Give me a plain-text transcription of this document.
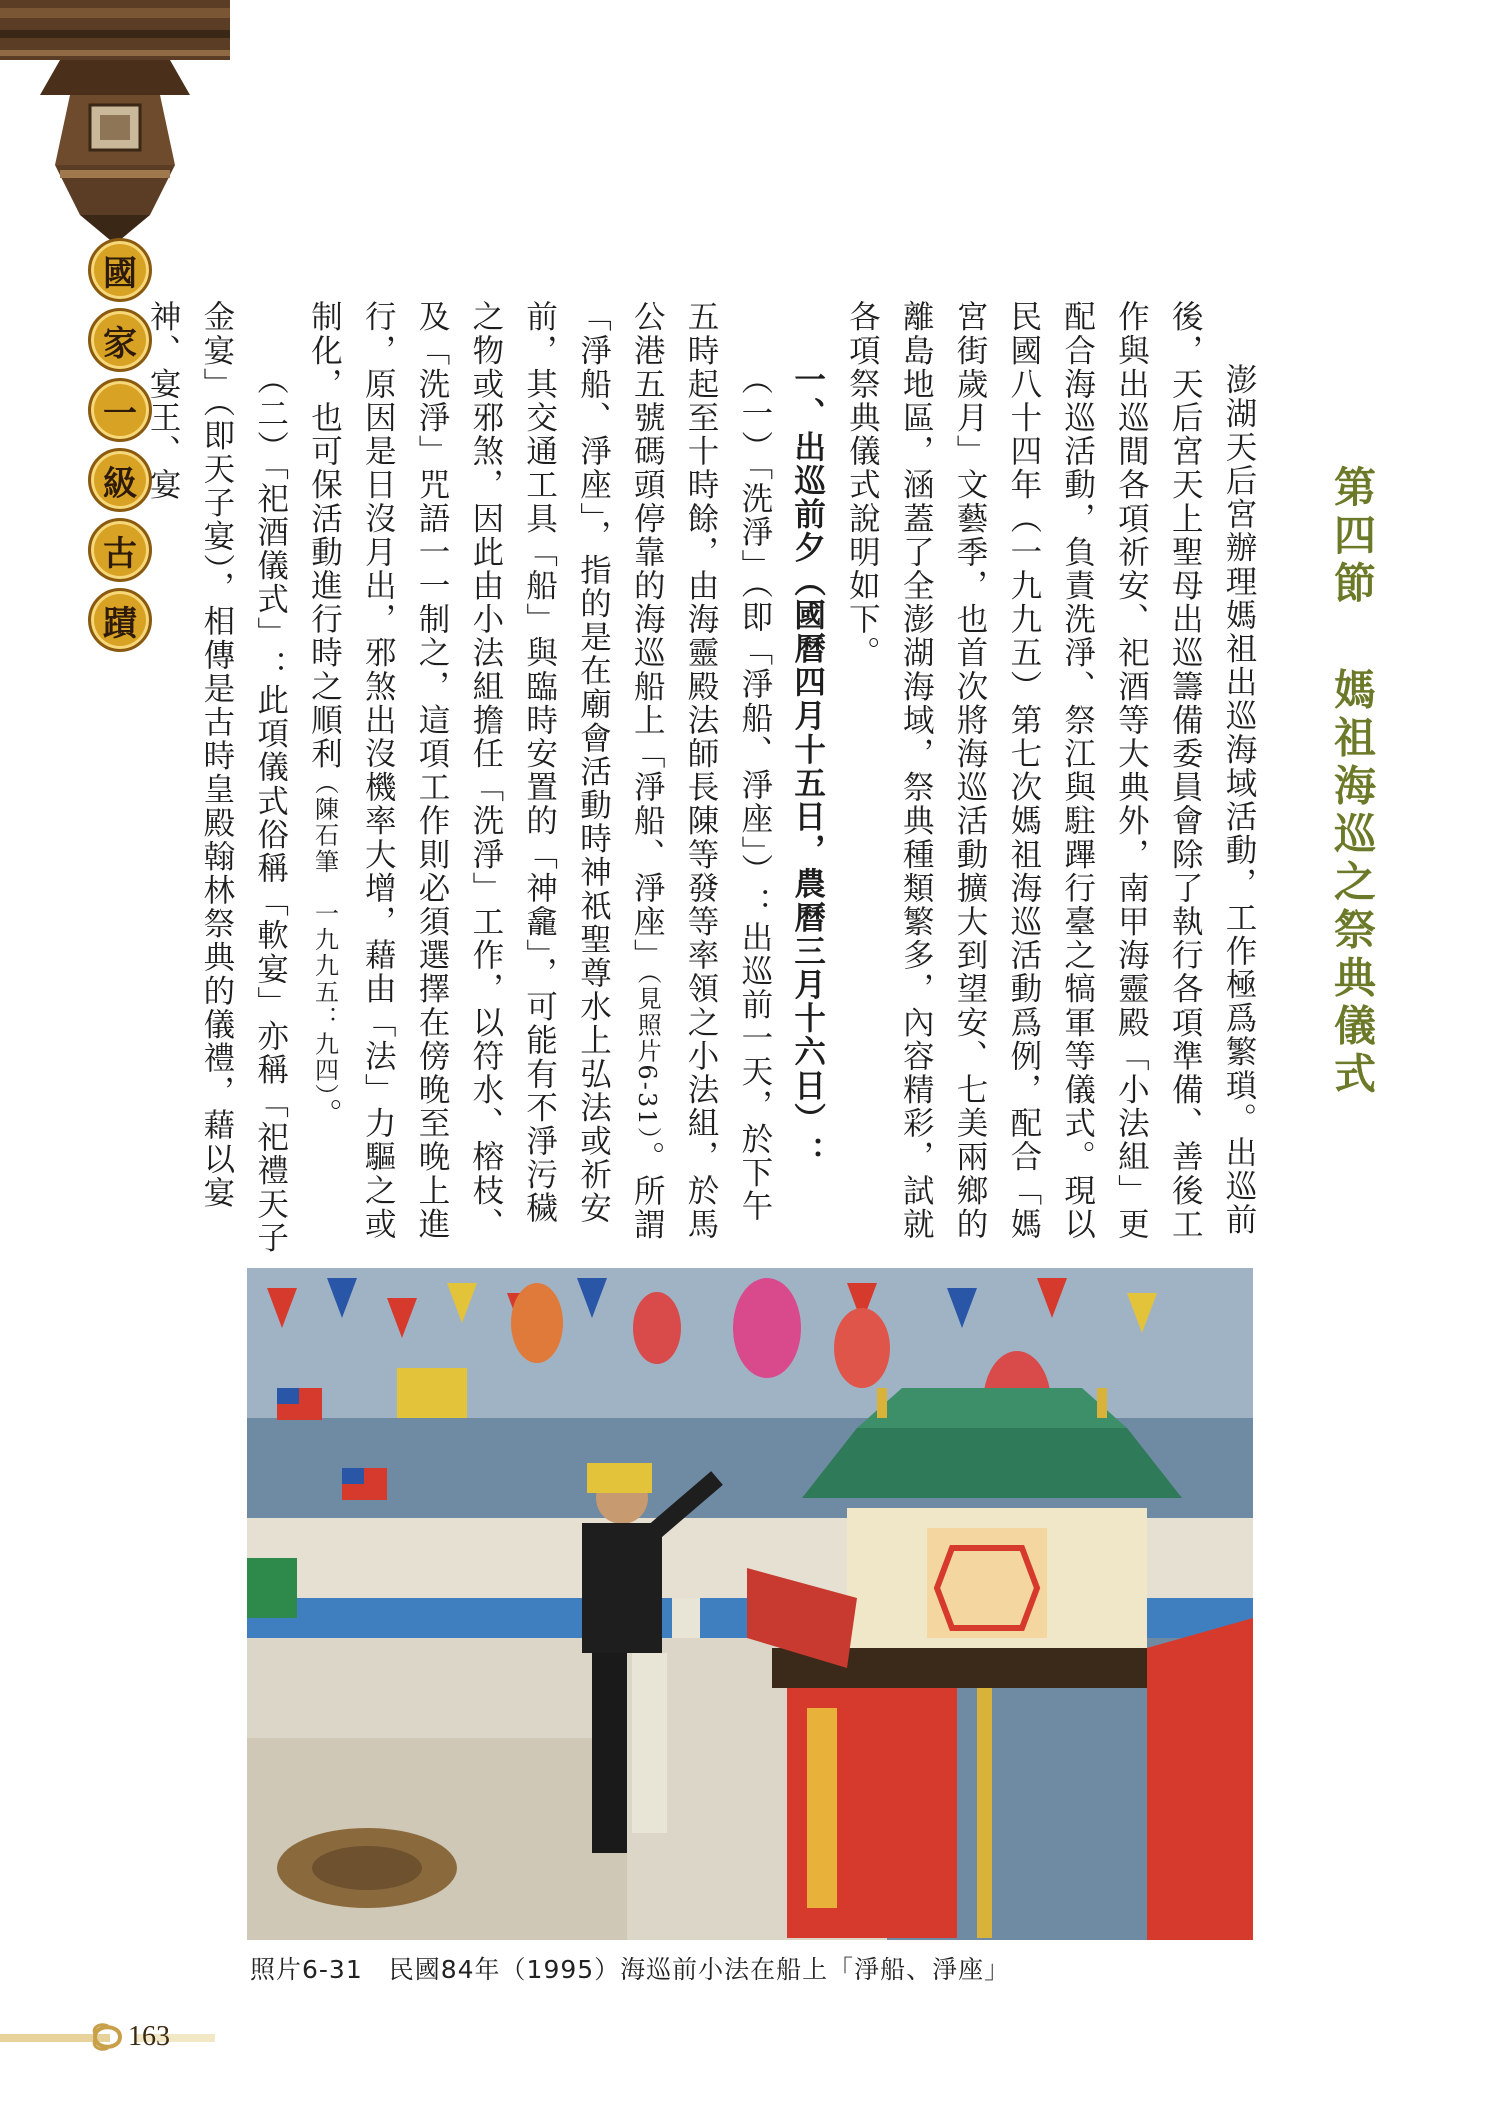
國
家
一
級
古
蹟
第四節 媽祖海巡之祭典儀式

澎湖天后宮辦理媽祖出巡海域活動，工作極爲繁瑣。出巡前後，天后宮天上聖母出巡籌備委員會除了執行各項準備、善後工作與出巡間各項祈安、祀酒等大典外，南甲海靈殿「小法組」更配合海巡活動，負責洗淨、祭江與駐蹕行臺之犒軍等儀式。現以民國八十四年（一九九五）第七次媽祖海巡活動爲例，配合「媽宮街歲月」文藝季，也首次將海巡活動擴大到望安、七美兩鄉的離島地區，涵蓋了全澎湖海域，祭典種類繁多，內容精彩，試就各項祭典儀式說明如下。

一、出巡前夕（國曆四月十五日，農曆三月十六日）：

（一）「洗淨」（即「淨船、淨座」）：出巡前一天，於下午五時起至十時餘，由海靈殿法師長陳等發等率領之小法組，於馬公港五號碼頭停靠的海巡船上「淨船、淨座」（見照片6-31）。所謂「淨船、淨座」，指的是在廟會活動時神祇聖尊水上弘法或祈安前，其交通工具「船」與臨時安置的「神龕」，可能有不淨污穢之物或邪煞，因此由小法組擔任「洗淨」工作，以符水、榕枝、及「洗淨」咒語一一制之，這項工作則必須選擇在傍晚至晚上進行，原因是日沒月出，邪煞出沒機率大增，藉由「法」力驅之或制化，也可保活動進行時之順利（陳石筆　一九九五：九四）。

（二）「祀酒儀式」：此項儀式俗稱「軟宴」亦稱「祀禮天子金宴」（即天子宴），相傳是古時皇殿翰林祭典的儀禮，藉以宴神、宴王、宴

照片6-31　民國84年（1995）海巡前小法在船上「淨船、淨座」
163
